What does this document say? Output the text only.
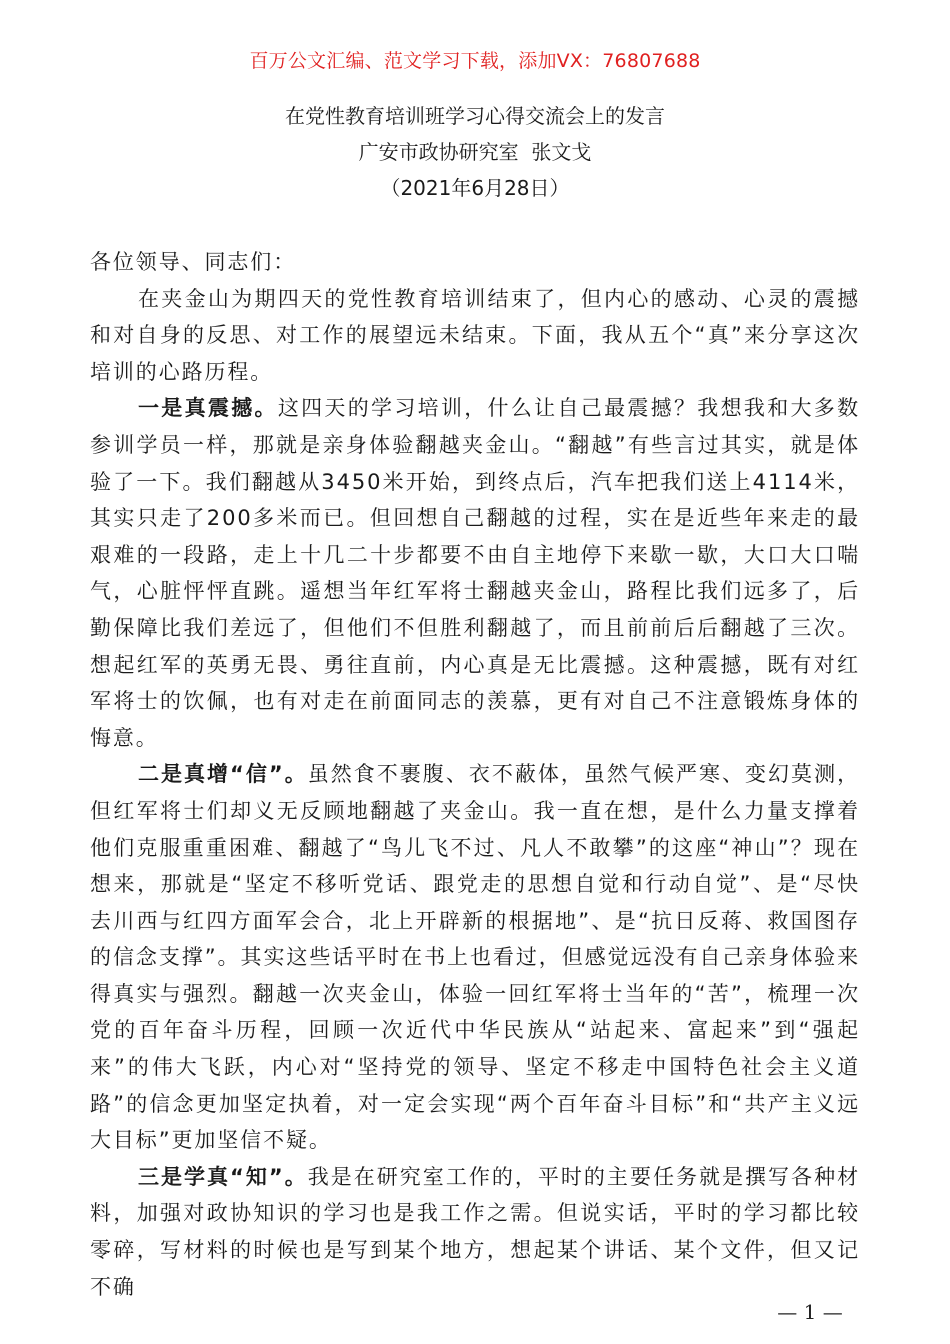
百万公文汇编、范文学习下载，添加VX：76807688
在党性教育培训班学习心得交流会上的发言
广安市政协研究室  张文戈
（2021年6月28日）

各位领导、同志们：

在夹金山为期四天的党性教育培训结束了，但内心的感动、心灵的震撼和对自身的反思、对工作的展望远未结束。下面，我从五个“真”来分享这次培训的心路历程。

一是真震撼。这四天的学习培训，什么让自己最震撼？我想我和大多数参训学员一样，那就是亲身体验翻越夹金山。“翻越”有些言过其实，就是体验了一下。我们翻越从3450米开始，到终点后，汽车把我们送上4114米，其实只走了200多米而已。但回想自己翻越的过程，实在是近些年来走的最艰难的一段路，走上十几二十步都要不由自主地停下来歇一歇，大口大口喘气，心脏怦怦直跳。遥想当年红军将士翻越夹金山，路程比我们远多了，后勤保障比我们差远了，但他们不但胜利翻越了，而且前前后后翻越了三次。想起红军的英勇无畏、勇往直前，内心真是无比震撼。这种震撼，既有对红军将士的饮佩，也有对走在前面同志的羡慕，更有对自己不注意锻炼身体的悔意。

二是真增“信”。虽然食不裹腹、衣不蔽体，虽然气候严寒、变幻莫测，但红军将士们却义无反顾地翻越了夹金山。我一直在想，是什么力量支撑着他们克服重重困难、翻越了“鸟儿飞不过、凡人不敢攀”的这座“神山”？现在想来，那就是“坚定不移听党话、跟党走的思想自觉和行动自觉”、是“尽快去川西与红四方面军会合，北上开辟新的根据地”、是“抗日反蒋、救国图存的信念支撑”。其实这些话平时在书上也看过，但感觉远没有自己亲身体验来得真实与强烈。翻越一次夹金山，体验一回红军将士当年的“苦”，梳理一次党的百年奋斗历程，回顾一次近代中华民族从“站起来、富起来”到“强起来”的伟大飞跃，内心对“坚持党的领导、坚定不移走中国特色社会主义道路”的信念更加坚定执着，对一定会实现“两个百年奋斗目标”和“共产主义远大目标”更加坚信不疑。

三是学真“知”。我是在研究室工作的，平时的主要任务就是撰写各种材料，加强对政协知识的学习也是我工作之需。但说实话，平时的学习都比较零碎，写材料的时候也是写到某个地方，想起某个讲话、某个文件，但又记不确

— 1 —
